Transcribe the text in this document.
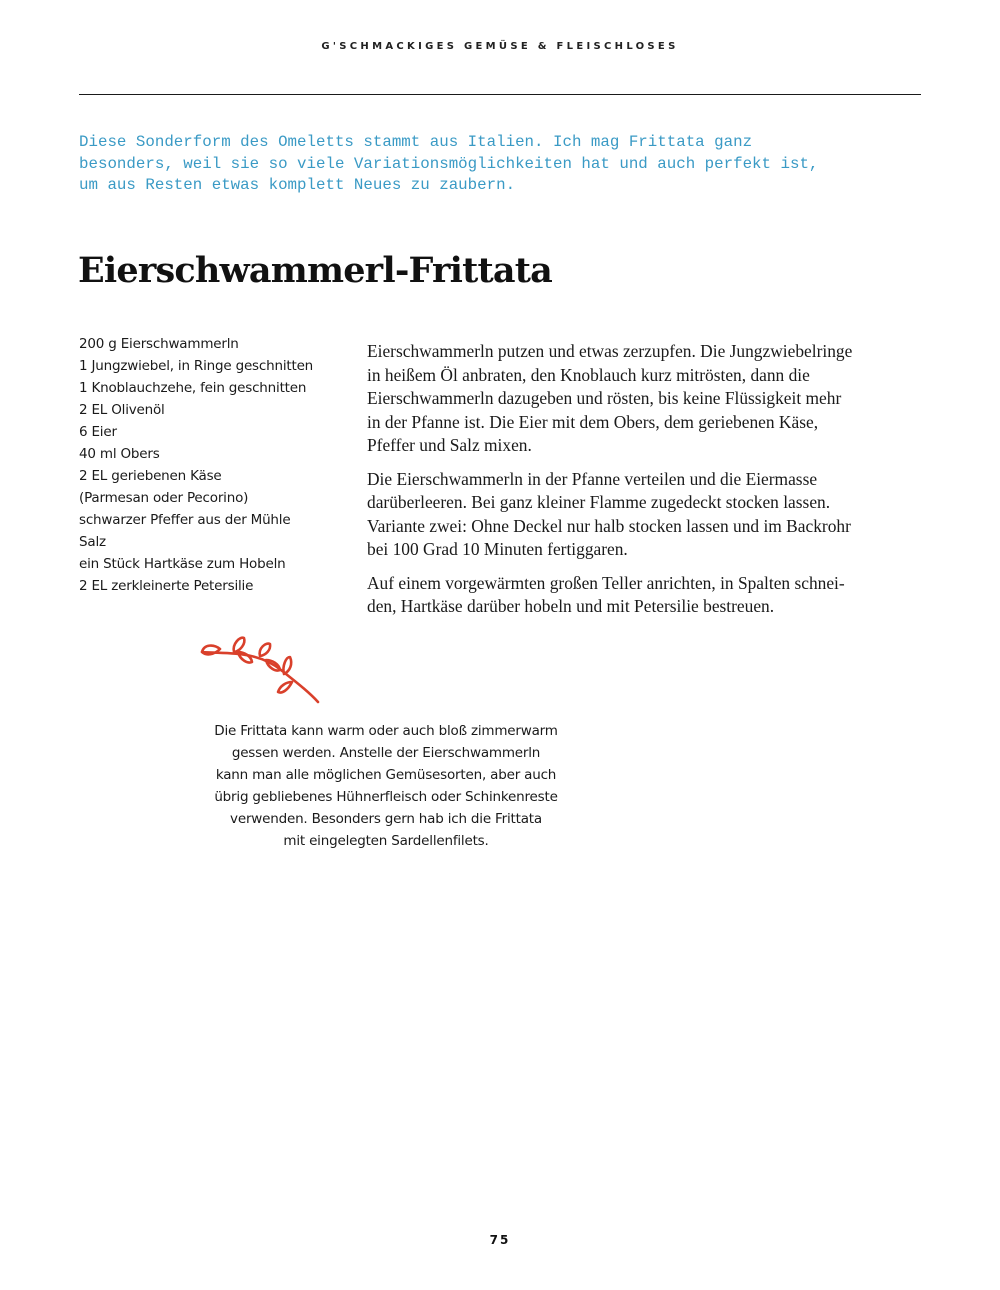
G'SCHMACKIGES GEMÜSE & FLEISCHLOSES
Diese Sonderform des Omeletts stammt aus Italien. Ich mag Frittata ganz
besonders, weil sie so viele Variationsmöglichkeiten hat und auch perfekt ist,
um aus Resten etwas komplett Neues zu zaubern.
Eierschwammerl-Frittata
200 g Eierschwammerln
1 Jungzwiebel, in Ringe geschnitten
1 Knoblauchzehe, fein geschnitten
2 EL Olivenöl
6 Eier
40 ml Obers
2 EL geriebenen Käse
(Parmesan oder Pecorino)
schwarzer Pfeffer aus der Mühle
Salz
ein Stück Hartkäse zum Hobeln
2 EL zerkleinerte Petersilie

Eierschwammerln putzen und etwas zerzupfen. Die Jungzwiebelringe
in heißem Öl anbraten, den Knoblauch kurz mitrösten, dann die
Eierschwammerln dazugeben und rösten, bis keine Flüssigkeit mehr
in der Pfanne ist. Die Eier mit dem Obers, dem geriebenen Käse,
Pfeffer und Salz mixen.

Die Eierschwammerln in der Pfanne verteilen und die Eiermasse
darüberleeren. Bei ganz kleiner Flamme zugedeckt stocken lassen.
Variante zwei: Ohne Deckel nur halb stocken lassen und im Backrohr
bei 100 Grad 10 Minuten fertiggaren.

Auf einem vorgewärmten großen Teller anrichten, in Spalten schnei-
den, Hartkäse darüber hobeln und mit Petersilie bestreuen.

Die Frittata kann warm oder auch bloß zimmerwarm
gessen werden. Anstelle der Eierschwammerln
kann man alle möglichen Gemüsesorten, aber auch
übrig gebliebenes Hühnerfleisch oder Schinkenreste
verwenden. Besonders gern hab ich die Frittata
mit eingelegten Sardellenfilets.
75
